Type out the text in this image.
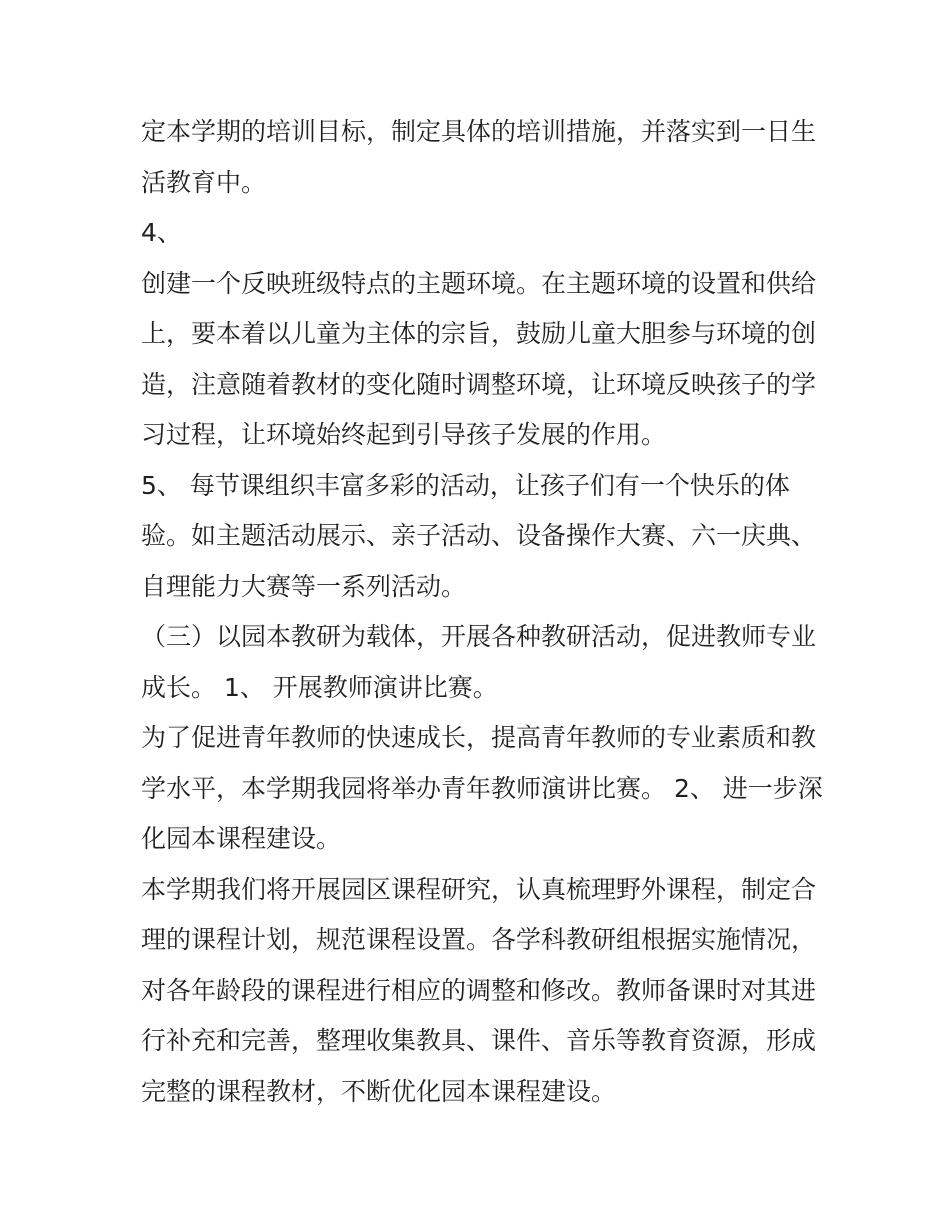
定本学期的培训目标，制定具体的培训措施，并落实到一日生
活教育中。
4、
创建一个反映班级特点的主题环境。在主题环境的设置和供给
上，要本着以儿童为主体的宗旨，鼓励儿童大胆参与环境的创
造，注意随着教材的变化随时调整环境，让环境反映孩子的学
习过程，让环境始终起到引导孩子发展的作用。
5、 每节课组织丰富多彩的活动，让孩子们有一个快乐的体
验。如主题活动展示、亲子活动、设备操作大赛、六一庆典、
自理能力大赛等一系列活动。
（三）以园本教研为载体，开展各种教研活动，促进教师专业
成长。 1、 开展教师演讲比赛。
为了促进青年教师的快速成长，提高青年教师的专业素质和教
学水平，本学期我园将举办青年教师演讲比赛。 2、 进一步深
化园本课程建设。
本学期我们将开展园区课程研究，认真梳理野外课程，制定合
理的课程计划，规范课程设置。各学科教研组根据实施情况，
对各年龄段的课程进行相应的调整和修改。教师备课时对其进
行补充和完善，整理收集教具、课件、音乐等教育资源，形成
完整的课程教材，不断优化园本课程建设。
